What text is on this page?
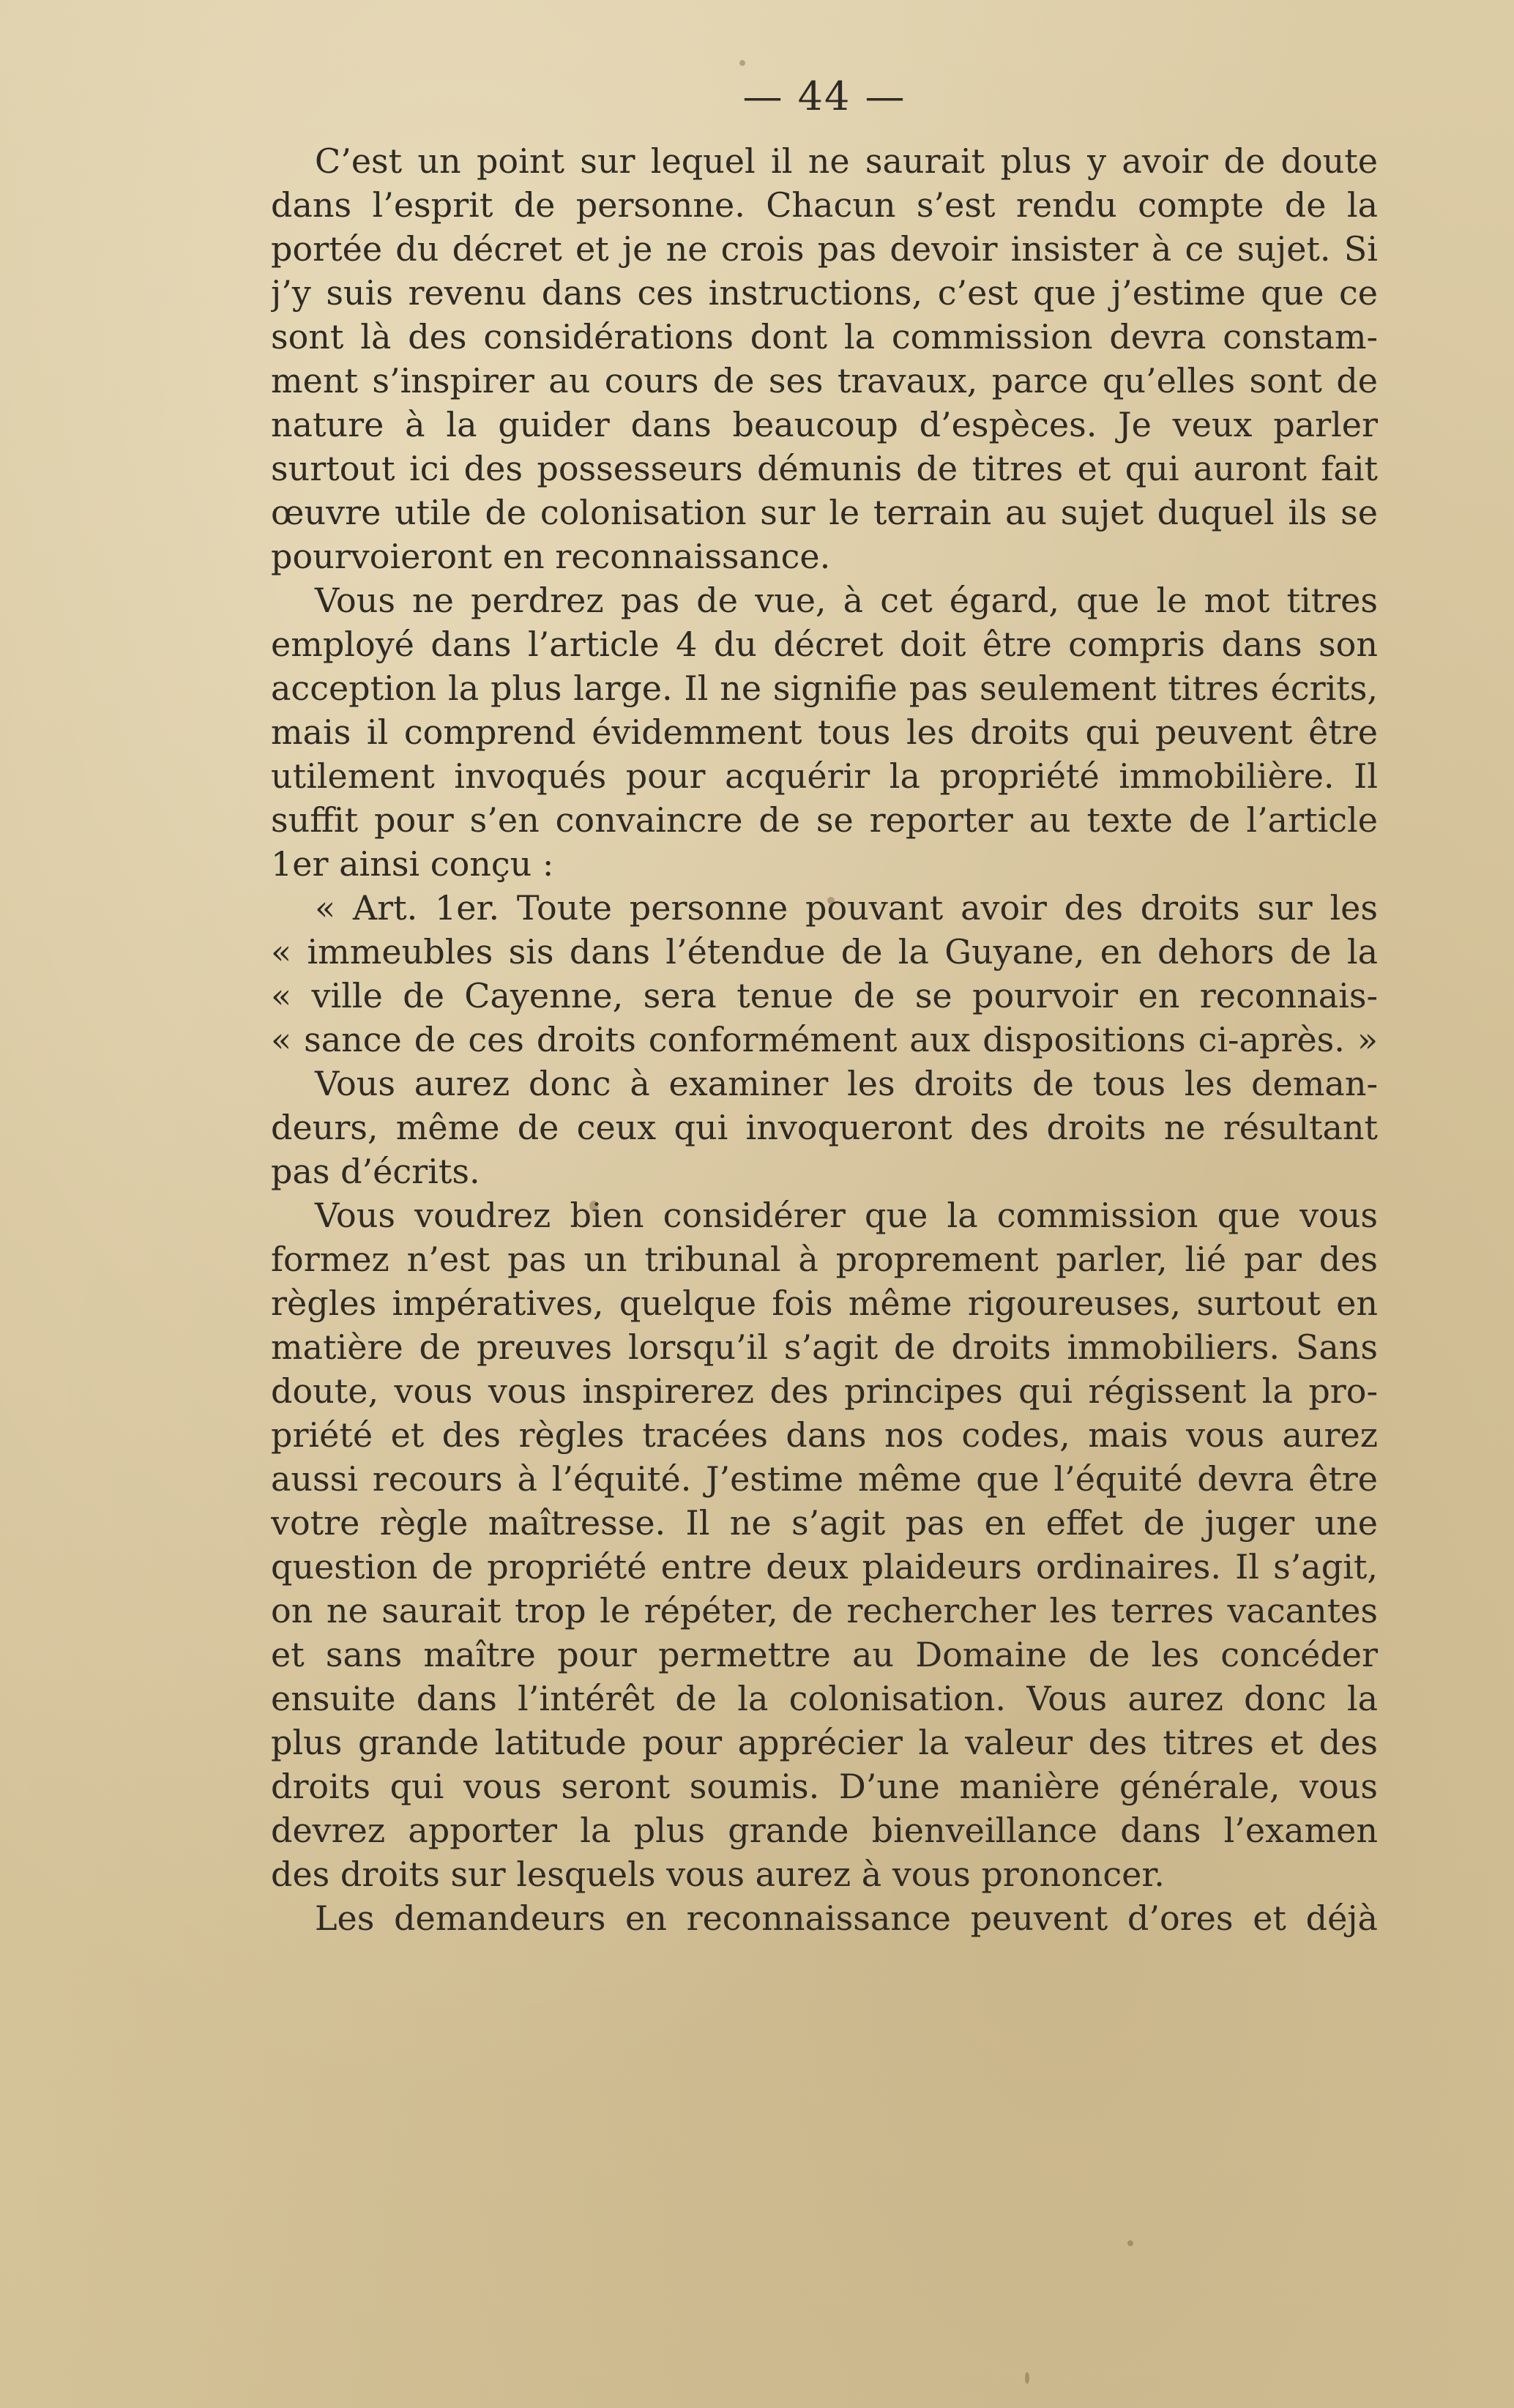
— 44 —
C’est un point sur lequel il ne saurait plus y avoir de doute
dans l’esprit de personne. Chacun s’est rendu compte de la
portée du décret et je ne crois pas devoir insister à ce sujet. Si
j’y suis revenu dans ces instructions, c’est que j’estime que ce
sont là des considérations dont la commission devra constam-
ment s’inspirer au cours de ses travaux, parce qu’elles sont de
nature à la guider dans beaucoup d’espèces. Je veux parler
surtout ici des possesseurs démunis de titres et qui auront fait
œuvre utile de colonisation sur le terrain au sujet duquel ils se
pourvoieront en reconnaissance.
Vous ne perdrez pas de vue, à cet égard, que le mot titres
employé dans l’article 4 du décret doit être compris dans son
acception la plus large. Il ne signifie pas seulement titres écrits,
mais il comprend évidemment tous les droits qui peuvent être
utilement invoqués pour acquérir la propriété immobilière. Il
suffit pour s’en convaincre de se reporter au texte de l’article
1er ainsi conçu :
« Art. 1er. Toute personne pouvant avoir des droits sur les
« immeubles sis dans l’étendue de la Guyane, en dehors de la
« ville de Cayenne, sera tenue de se pourvoir en reconnais-
« sance de ces droits conformément aux dispositions ci-après. »
Vous aurez donc à examiner les droits de tous les deman-
deurs, même de ceux qui invoqueront des droits ne résultant
pas d’écrits.
Vous voudrez bien considérer que la commission que vous
formez n’est pas un tribunal à proprement parler, lié par des
règles impératives, quelque fois même rigoureuses, surtout en
matière de preuves lorsqu’il s’agit de droits immobiliers. Sans
doute, vous vous inspirerez des principes qui régissent la pro-
priété et des règles tracées dans nos codes, mais vous aurez
aussi recours à l’équité. J’estime même que l’équité devra être
votre règle maîtresse. Il ne s’agit pas en effet de juger une
question de propriété entre deux plaideurs ordinaires. Il s’agit,
on ne saurait trop le répéter, de rechercher les terres vacantes
et sans maître pour permettre au Domaine de les concéder
ensuite dans l’intérêt de la colonisation. Vous aurez donc la
plus grande latitude pour apprécier la valeur des titres et des
droits qui vous seront soumis. D’une manière générale, vous
devrez apporter la plus grande bienveillance dans l’examen
des droits sur lesquels vous aurez à vous prononcer.
Les demandeurs en reconnaissance peuvent d’ores et déjà
